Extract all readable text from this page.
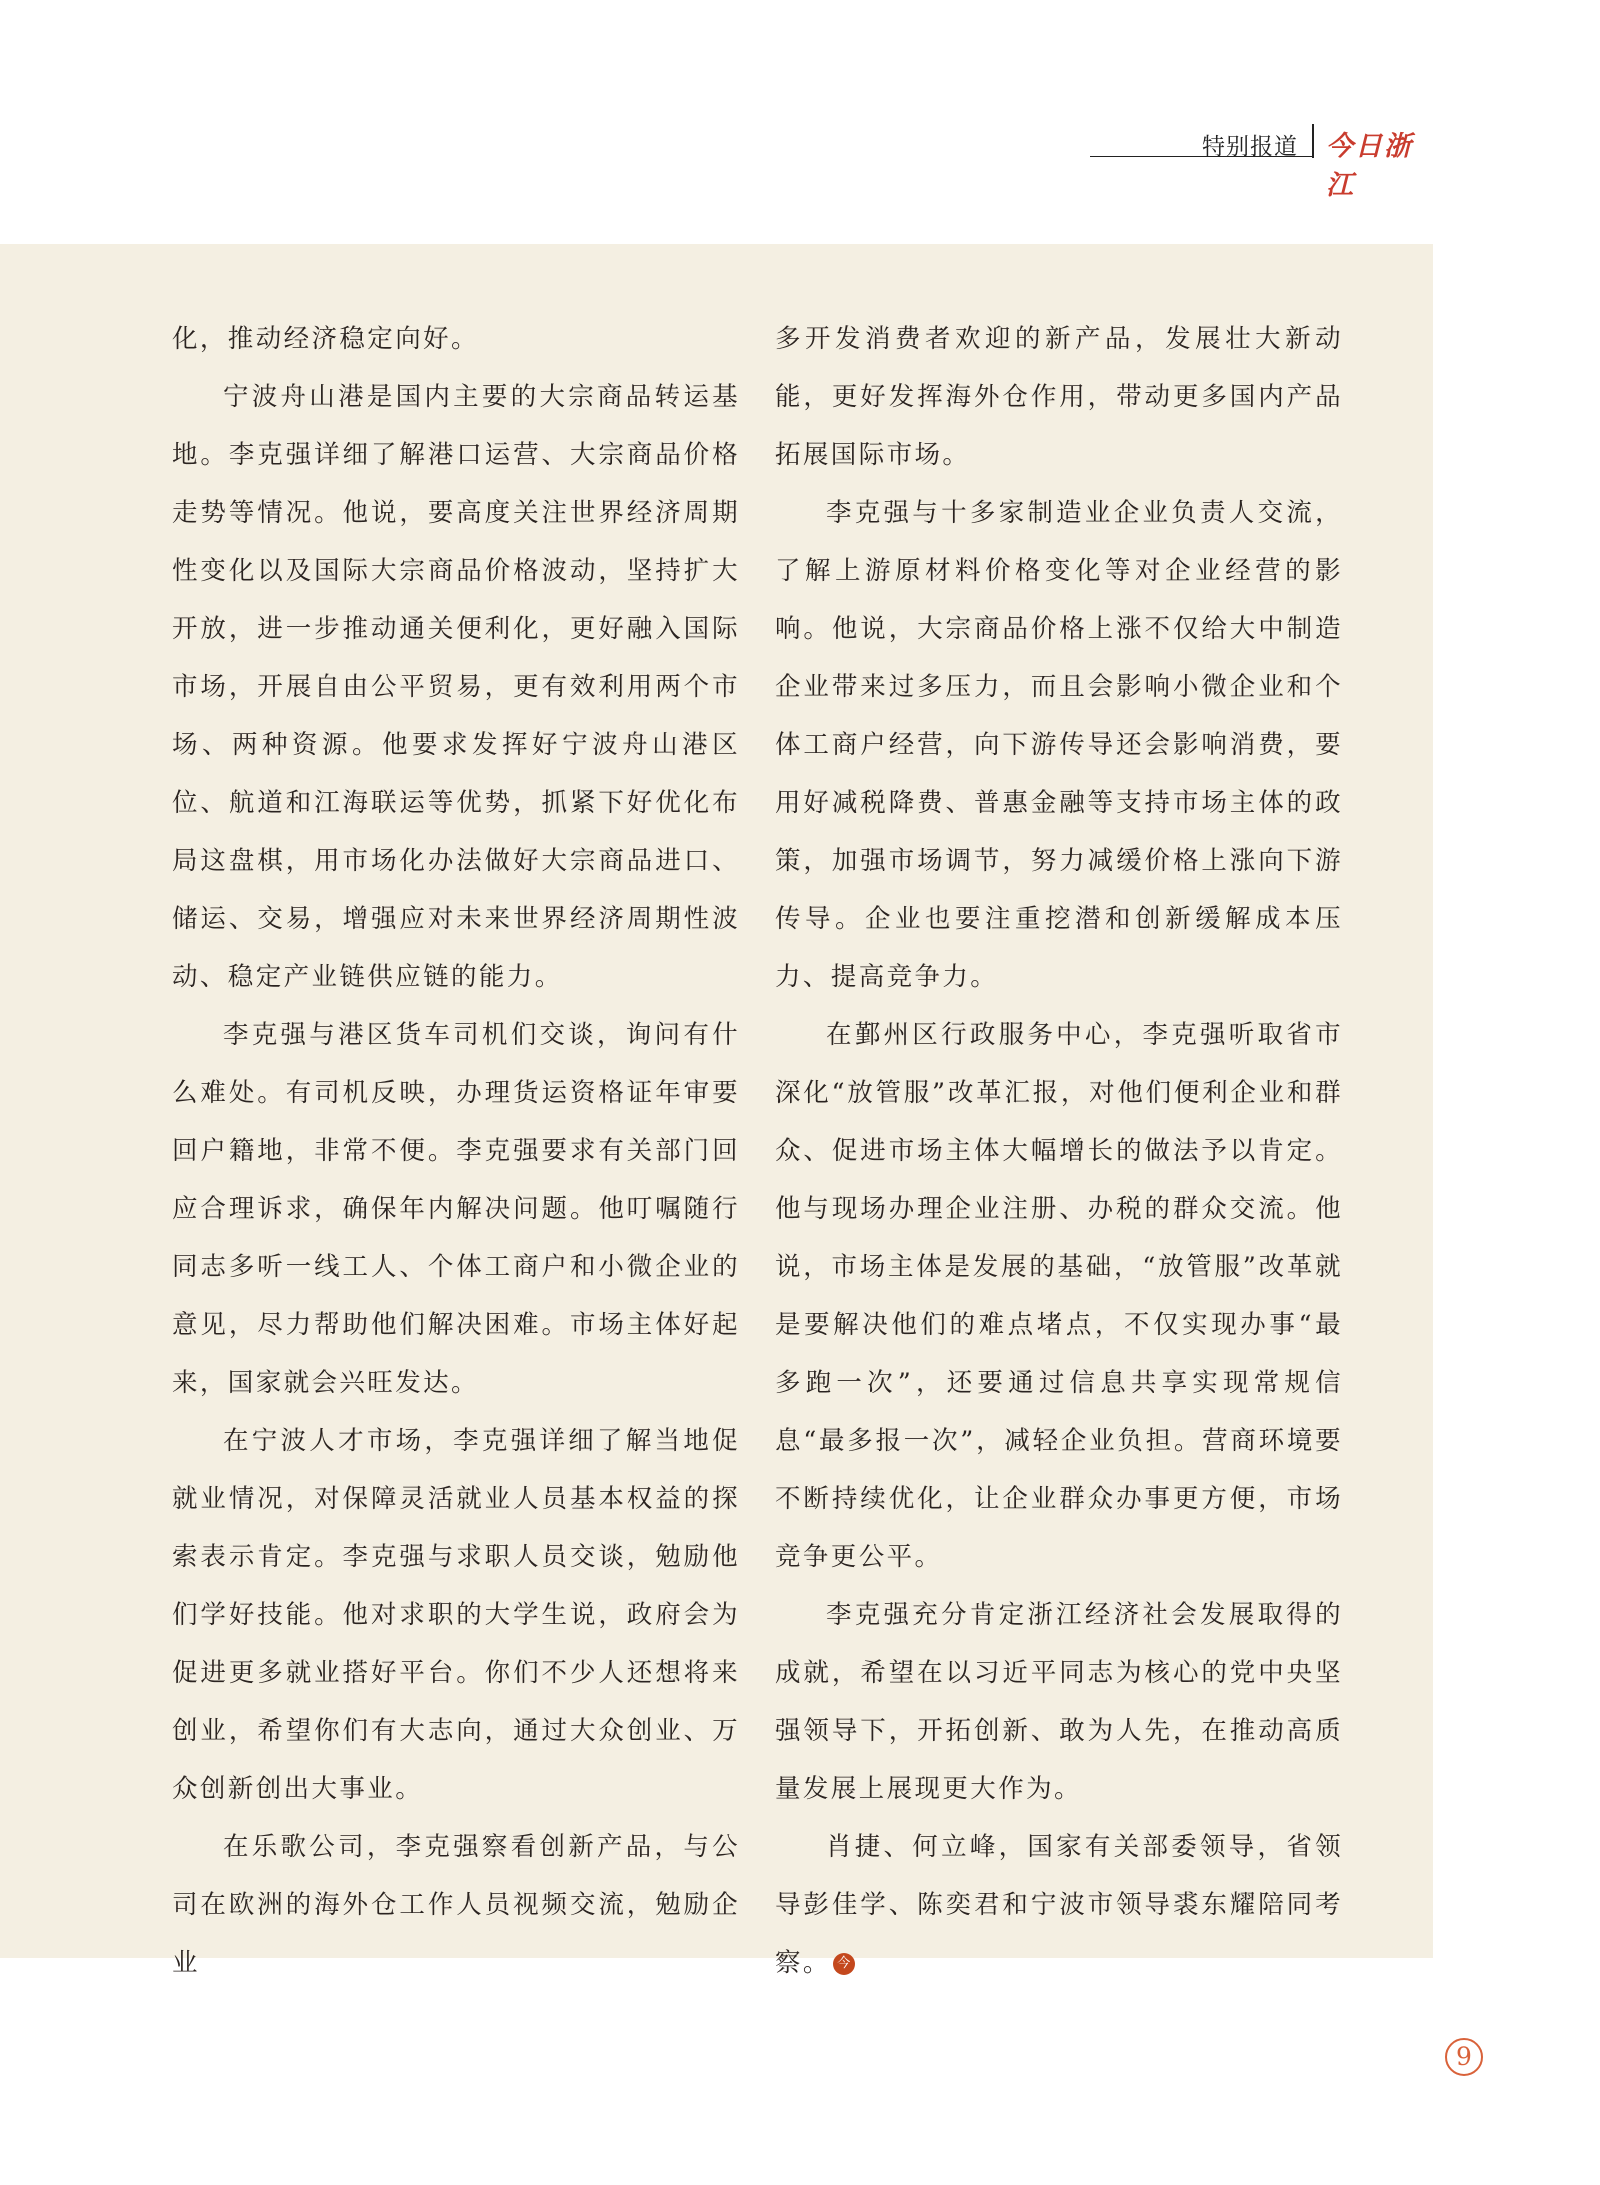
特别报道 今日浙江

化，推动经济稳定向好。

宁波舟山港是国内主要的大宗商品转运基地。李克强详细了解港口运营、大宗商品价格走势等情况。他说，要高度关注世界经济周期性变化以及国际大宗商品价格波动，坚持扩大开放，进一步推动通关便利化，更好融入国际市场，开展自由公平贸易，更有效利用两个市场、两种资源。他要求发挥好宁波舟山港区位、航道和江海联运等优势，抓紧下好优化布局这盘棋，用市场化办法做好大宗商品进口、储运、交易，增强应对未来世界经济周期性波动、稳定产业链供应链的能力。

李克强与港区货车司机们交谈，询问有什么难处。有司机反映，办理货运资格证年审要回户籍地，非常不便。李克强要求有关部门回应合理诉求，确保年内解决问题。他叮嘱随行同志多听一线工人、个体工商户和小微企业的意见，尽力帮助他们解决困难。市场主体好起来，国家就会兴旺发达。

在宁波人才市场，李克强详细了解当地促就业情况，对保障灵活就业人员基本权益的探索表示肯定。李克强与求职人员交谈，勉励他们学好技能。他对求职的大学生说，政府会为促进更多就业搭好平台。你们不少人还想将来创业，希望你们有大志向，通过大众创业、万众创新创出大事业。

在乐歌公司，李克强察看创新产品，与公司在欧洲的海外仓工作人员视频交流，勉励企业

多开发消费者欢迎的新产品，发展壮大新动能，更好发挥海外仓作用，带动更多国内产品拓展国际市场。

李克强与十多家制造业企业负责人交流，了解上游原材料价格变化等对企业经营的影响。他说，大宗商品价格上涨不仅给大中制造企业带来过多压力，而且会影响小微企业和个体工商户经营，向下游传导还会影响消费，要用好减税降费、普惠金融等支持市场主体的政策，加强市场调节，努力减缓价格上涨向下游传导。企业也要注重挖潜和创新缓解成本压力、提高竞争力。

在鄞州区行政服务中心，李克强听取省市深化“放管服”改革汇报，对他们便利企业和群众、促进市场主体大幅增长的做法予以肯定。他与现场办理企业注册、办税的群众交流。他说，市场主体是发展的基础，“放管服”改革就是要解决他们的难点堵点，不仅实现办事“最多跑一次”，还要通过信息共享实现常规信息“最多报一次”，减轻企业负担。营商环境要不断持续优化，让企业群众办事更方便，市场竞争更公平。

李克强充分肯定浙江经济社会发展取得的成就，希望在以习近平同志为核心的党中央坚强领导下，开拓创新、敢为人先，在推动高质量发展上展现更大作为。

肖捷、何立峰，国家有关部委领导，省领导彭佳学、陈奕君和宁波市领导裘东耀陪同考察。 今

9
